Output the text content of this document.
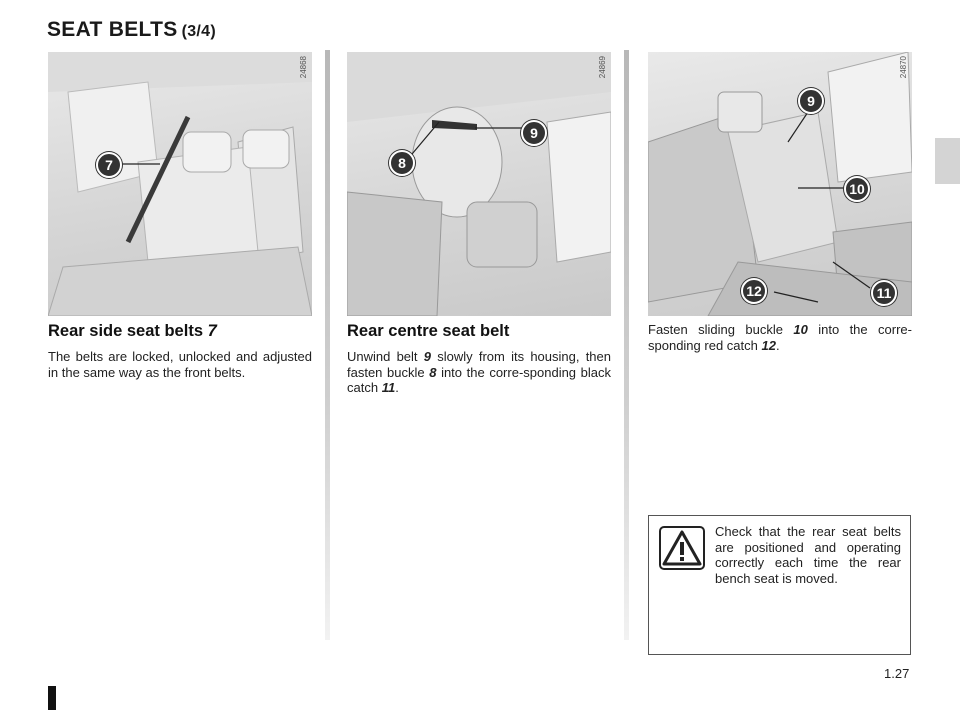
SEAT BELTS (3/4)
7
24868
8
9
24869
9
10
12	11
24870
Rear side seat belts 7
The belts are locked, unlocked and adjusted in the same way as the front belts.
Rear centre seat belt
Unwind belt 9 slowly from its housing, then fasten buckle 8 into the corre-sponding black catch 11.
Fasten sliding buckle 10 into the corre-sponding red catch 12.
Check that the rear seat belts are positioned and operating correctly each time the rear bench seat is moved.
1.27
